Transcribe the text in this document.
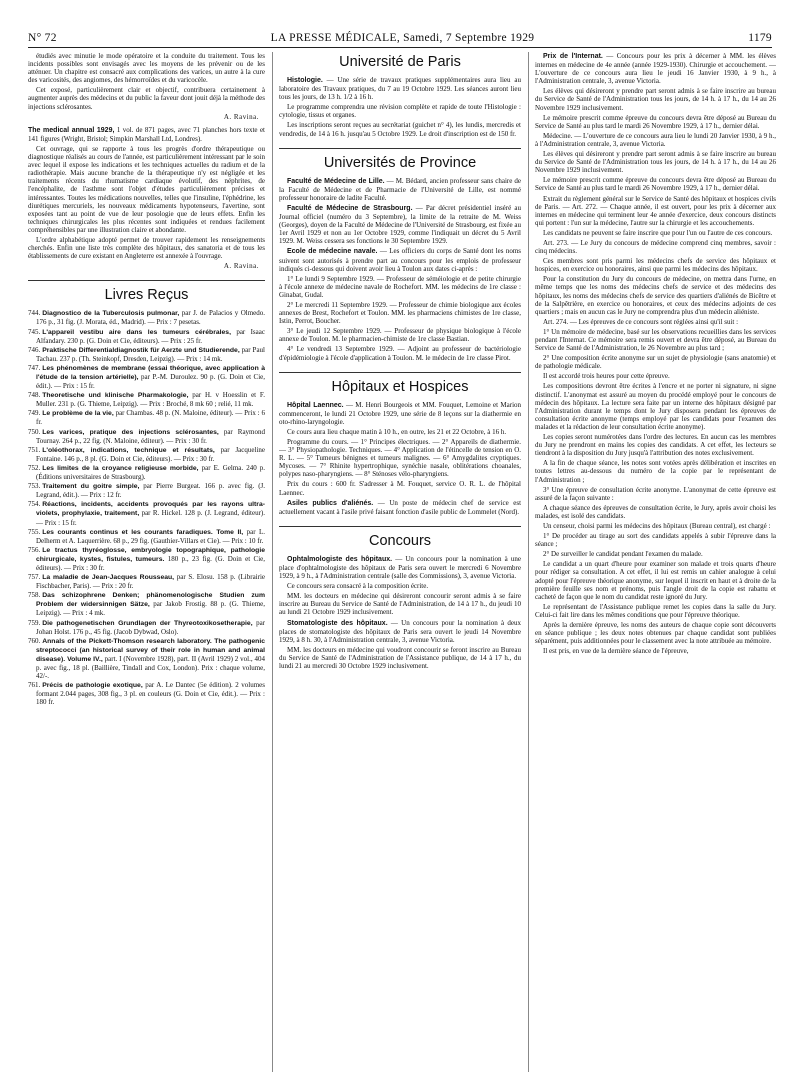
N° 72	LA PRESSE MÉDICALE, Samedi, 7 Septembre 1929	1179

étudiés avec minutie le mode opératoire et la conduite du traitement. Tous les incidents possibles sont envisagés avec les moyens de les prévenir ou de les atténuer. Un chapitre est consacré aux complications des varices, un autre à la cure des varicosités, des angiomes, des hémorroïdes et du varicocèle.

Cet exposé, particulièrement clair et objectif, contribuera certainement à augmenter auprès des médecins et du public la faveur dont jouit déjà la méthode des injections sclérosantes.

A. Ravina.

The medical annual 1929, 1 vol. de 871 pages, avec 71 planches hors texte et 141 figures (Wright, Bristol; Simpkin Marshall Ltd, Londres).

Cet ouvrage, qui se rapporte à tous les progrès d'ordre thérapeutique ou diagnostique réalisés au cours de l'année, est particulièrement intéressant par le soin avec lequel il expose les indications et les techniques actuelles du radium et de la radiothérapie. Mais aucune branche de la thérapeutique n'y est négligée et les traitements récents du rhumatisme cardiaque évolutif, des néphrites, de l'encéphalite, de l'asthme sont l'objet d'études particulièrement précises et intéressantes. Toutes les médications nouvelles, telles que l'insuline, l'éphédrine, les diurétiques mercuriels, les nouveaux médicaments hypotenseurs, l'avertine, sont exposées tant au point de vue de leur posologie que de leurs effets. Enfin les techniques chirurgicales les plus récentes sont indiquées et rendues facilement compréhensibles par une illustration claire et abondante.

L'ordre alphabétique adopté permet de trouver rapidement les renseignements cherchés. Enfin une liste très complète des hôpitaux, des sanatoria et de tous les établissements de cure existant en Angleterre est annexée à l'ouvrage.

A. Ravina.
Livres Reçus

744. Diagnostico de la Tuberculosis pulmonar, par J. de Palacios y Olmedo. 176 p., 31 fig. (J. Morata, éd., Madrid). — Prix : 7 pesetas.

745. L'appareil vestibu aire dans les tumeurs cérébrales, par Isaac Alfandary. 230 p. (G. Doin et Cie, éditeurs). — Prix : 25 fr.

746. Praktische Differentialdiagnostik für Aerzte und Studierende, par Paul Tachau. 237 p. (Th. Steinkopf, Dresden, Leipzig). — Prix : 14 mk.

747. Les phénomènes de membrane (essai théorique, avec application à l'étude de la tension artérielle), par P.-M. Duroulez. 90 p. (G. Doin et Cie, édit.). — Prix : 15 fr.

748. Theoretische und klinische Pharmakologie, par H. v Hoesslin et F. Muller. 231 p. (G. Thieme, Leipzig). — Prix : Broché, 8 mk 60 ; relié, 11 mk.

749. Le problème de la vie, par Chambas. 48 p. (N. Maloine, éditeur). — Prix : 6 fr.

750. Les varices, pratique des injections sclérosantes, par Raymond Tournay. 264 p., 22 fig. (N. Maloine, éditeur). — Prix : 30 fr.

751. L'oléothorax, indications, technique et résultats, par Jacqueline Fontaine. 146 p., 8 pl. (G. Doin et Cie, éditeurs). — Prix : 30 fr.

752. Les limites de la croyance religieuse morbide, par E. Gelma. 240 p. (Éditions universitaires de Strasbourg).

753. Traitement du goitre simple, par Pierre Burgeat. 166 p. avec fig. (J. Legrand, édit.). — Prix : 12 fr.

754. Réactions, incidents, accidents provoqués par les rayons ultra-violets, prophylaxie, traitement, par R. Hickel. 128 p. (J. Legrand, éditeur). — Prix : 15 fr.

755. Les courants continus et les courants faradiques. Tome II, par L. Delherm et A. Laquerrière. 68 p., 29 fig. (Gauthier-Villars et Cie). — Prix : 10 fr.

756. Le tractus thyréoglosse, embryologie topographique, pathologie chirurgicale, kystes, fistules, tumeurs. 180 p., 23 fig. (G. Doin et Cie, éditeurs). — Prix : 30 fr.

757. La maladie de Jean-Jacques Rousseau, par S. Elosu. 158 p. (Librairie Fischbacher, Paris). — Prix : 20 fr.

758. Das schizophrene Denken; phänomenologische Studien zum Problem der widersinnigen Sätze, par Jakob Frostig. 88 p. (G. Thieme, Leipzig). — Prix : 4 mk.

759. Die pathogenetischen Grundlagen der Thyreotoxikosetherapie, par Johan Holst. 176 p., 45 fig. (Jacob Dybwad, Oslo).

760. Annals of the Pickett-Thomson research laboratory. The pathogenic streptococci (an historical survey of their role in human and animal disease). Volume IV., part. I (Novembre 1928), part. II (Avril 1929) 2 vol., 404 p. avec fig., 18 pl. (Baillière, Tindall and Cox, London). Prix : chaque volume, 42/-.

761. Précis de pathologie exotique, par A. Le Dantec (5e édition). 2 volumes formant 2.044 pages, 308 fig., 3 pl. en couleurs (G. Doin et Cie, édit.). — Prix : 180 fr.

Université de Paris

Histologie. — Une série de travaux pratiques supplémentaires aura lieu au laboratoire des Travaux pratiques, du 7 au 19 Octobre 1929. Les séances auront lieu tous les jours, de 13 h. 1/2 à 16 h.

Le programme comprendra une révision complète et rapide de toute l'Histologie : cytologie, tissus et organes.

Les inscriptions seront reçues au secrétariat (guichet n° 4), les lundis, mercredis et vendredis, de 14 à 16 h. jusqu'au 5 Octobre 1929. Le droit d'inscription est de 150 fr.

Universités de Province

Faculté de Médecine de Lille. — M. Bédard, ancien professeur sans chaire de la Faculté de Médecine et de Pharmacie de l'Université de Lille, est nommé professeur honoraire de ladite Faculté.

Faculté de Médecine de Strasbourg. — Par décret présidentiel inséré au Journal officiel (numéro du 3 Septembre), la limite de la retraite de M. Weiss (Georges), doyen de la Faculté de Médecine de l'Université de Strasbourg, est fixée au 1er Avril 1929 et non au 1er Octobre 1929, comme l'indiquait un décret du 5 Avril 1929. M. Weiss cessera ses fonctions le 30 Septembre 1929.

Ecole de médecine navale. — Les officiers du corps de Santé dont les noms suivent sont autorisés à prendre part au concours pour les emplois de professeur indiqués ci-dessous qui doivent avoir lieu à Toulon aux dates ci-après :

1° Le lundi 9 Septembre 1929. — Professeur de séméiologie et de petite chirurgie à l'école annexe de médecine navale de Rochefort. MM. les médecins de 1re classe : Ginabat, Gudal.

2° Le mercredi 11 Septembre 1929. — Professeur de chimie biologique aux écoles annexes de Brest, Rochefort et Toulon. MM. les pharmaciens chimistes de 1re classe, Istin, Perrot, Boucher.

3° Le jeudi 12 Septembre 1929. — Professeur de physique biologique à l'école annexe de Toulon. M. le pharmacien-chimiste de 1re classe Bastian.

4° Le vendredi 13 Septembre 1929. — Adjoint au professeur de bactériologie d'épidémiologie à l'école d'application à Toulon. M. le médecin de 1re classe Pirot.

Hôpitaux et Hospices

Hôpital Laennec. — M. Henri Bourgeois et MM. Fouquet, Lemoine et Marion commenceront, le lundi 21 Octobre 1929, une série de 8 leçons sur la diathermie en oto-rhino-laryngologie.

Ce cours aura lieu chaque matin à 10 h., en outre, les 21 et 22 Octobre, à 16 h.

Programme du cours. — 1° Principes électriques. — 2° Appareils de diathermie. — 3° Physiopathologie. Techniques. — 4° Application de l'étincelle de tension en O. R. L. — 5° Tumeurs bénignes et tumeurs malignes. — 6° Amygdalites cryptiques. Mycoses. — 7° Rhinite hypertrophique, synéchie nasale, oblitérations choanales, polypes naso-pharyngiens. — 8° Sténoses vélo-pharyngiens.

Prix du cours : 600 fr. S'adresser à M. Fouquet, service O. R. L. de l'hôpital Laennec.

Asiles publics d'aliénés. — Un poste de médecin chef de service est actuellement vacant à l'asile privé faisant fonction d'asile public de Lommelet (Nord).

Concours

Ophtalmologiste des hôpitaux. — Un concours pour la nomination à une place d'ophtalmologiste des hôpitaux de Paris sera ouvert le mercredi 6 Novembre 1929, à 9 h., à l'Administration centrale (salle des Commissions), 3, avenue Victoria.

Ce concours sera consacré à la composition écrite.

MM. les docteurs en médecine qui désireront concourir seront admis à se faire inscrire au Bureau du Service de Santé de l'Administration, de 14 à 17 h., du jeudi 10 au lundi 21 Octobre 1929 inclusivement.

Stomatologiste des hôpitaux. — Un concours pour la nomination à deux places de stomatologiste des hôpitaux de Paris sera ouvert le jeudi 14 Novembre 1929, à 8 h. 30, à l'Administration centrale, 3, avenue Victoria.

MM. les docteurs en médecine qui voudront concourir se feront inscrire au Bureau du Service de Santé de l'Administration de l'Assistance publique, de 14 à 17 h., du lundi 21 au mercredi 30 Octobre 1929 inclusivement.

Prix de l'Internat. — Concours pour les prix à décerner à MM. les élèves internes en médecine de 4e année (année 1929-1930). Chirurgie et accouchement. — L'ouverture de ce concours aura lieu le jeudi 16 Janvier 1930, à 9 h., à l'Administration centrale, 3, avenue Victoria.

Les élèves qui désireront y prendre part seront admis à se faire inscrire au bureau du Service de Santé de l'Administration tous les jours, de 14 h. à 17 h., du 14 au 26 Novembre 1929 inclusivement.

Le mémoire prescrit comme épreuve du concours devra être déposé au Bureau du Service de Santé au plus tard le mardi 26 Novembre 1929, à 17 h., dernier délai.

Médecine. — L'ouverture de ce concours aura lieu le lundi 20 Janvier 1930, à 9 h., à l'Administration centrale, 3, avenue Victoria.

Les élèves qui désireront y prendre part seront admis à se faire inscrire au bureau du Service de Santé de l'Administration tous les jours, de 14 h. à 17 h., du 14 au 26 Novembre 1929 inclusivement.

Le mémoire prescrit comme épreuve du concours devra être déposé au Bureau du Service de Santé au plus tard le mardi 26 Novembre 1929, à 17 h., dernier délai.

Extrait du règlement général sur le Service de Santé des hôpitaux et hospices civils de Paris. — Art. 272. — Chaque année, il est ouvert, pour les prix à décerner aux internes en médecine qui terminent leur 4e année d'exercice, deux concours distincts qui portent : l'un sur la médecine, l'autre sur la chirurgie et les accouchements.

Les candidats ne peuvent se faire inscrire que pour l'un ou l'autre de ces concours.

Art. 273. — Le Jury du concours de médecine comprend cinq membres, savoir : cinq médecins.

Ces membres sont pris parmi les médecins chefs de service des hôpitaux et hospices, en exercice ou honoraires, ainsi que parmi les médecins des hôpitaux.

Pour la constitution du Jury du concours de médecine, on mettra dans l'urne, en même temps que les noms des médecins chefs de service et des médecins des hôpitaux, les noms des médecins chefs de service des quartiers d'aliénés de Bicêtre et de la Salpêtrière, en exercice ou honoraires, et ceux des médecins adjoints de ces quartiers ; mais en aucun cas le Jury ne comprendra plus d'un médecin aliéniste.

Art. 274. — Les épreuves de ce concours sont réglées ainsi qu'il suit :

1° Un mémoire de médecine, basé sur les observations recueillies dans les services pendant l'Internat. Ce mémoire sera remis ouvert et devra être déposé, au Bureau du Service de Santé de l'Administration, le 26 Novembre au plus tard ;

2° Une composition écrite anonyme sur un sujet de physiologie (sans anatomie) et de pathologie médicale.

Il est accordé trois heures pour cette épreuve.

Les compositions devront être écrites à l'encre et ne porter ni signature, ni signe distinctif. L'anonymat est assuré au moyen du procédé employé pour le concours de médecin des hôpitaux. La lecture sera faite par un interne des hôpitaux désigné par l'Administration durant le temps dont le Jury disposera pendant les épreuves de consultation écrite anonyme (temps employé par les candidats pour l'examen des malades et la rédaction de leur consultation écrite anonyme).

Les copies seront numérotées dans l'ordre des lectures. En aucun cas les membres du Jury ne prendront en mains les copies des candidats. A cet effet, les lecteurs se tiendront à la disposition du Jury jusqu'à l'attribution des notes exclusivement.

A la fin de chaque séance, les notes sont votées après délibération et inscrites en toutes lettres au-dessous du numéro de la copie par le représentant de l'Administration ;

3° Une épreuve de consultation écrite anonyme. L'anonymat de cette épreuve est assuré de la façon suivante :

A chaque séance des épreuves de consultation écrite, le Jury, après avoir choisi les malades, est isolé des candidats.

Un censeur, choisi parmi les médecins des hôpitaux (Bureau central), est chargé :

1° De procéder au tirage au sort des candidats appelés à subir l'épreuve dans la séance ;

2° De surveiller le candidat pendant l'examen du malade.

Le candidat a un quart d'heure pour examiner son malade et trois quarts d'heure pour rédiger sa consultation. A cet effet, il lui est remis un cahier analogue à celui adopté pour l'épreuve théorique anonyme, sur lequel il inscrit en haut et à droite de la première feuille ses nom et prénoms, puis l'angle droit de la copie est rabattu et cacheté de façon que le nom du candidat reste ignoré du Jury.

Le représentant de l'Assistance publique remet les copies dans la salle du Jury. Celui-ci fait lire dans les mêmes conditions que pour l'épreuve théorique.

Après la dernière épreuve, les noms des auteurs de chaque copie sont découverts en séance publique ; les deux notes obtenues par chaque candidat sont publiées séparément, puis additionnées pour le classement avec la note attribuée au mémoire.

Il est pris, en vue de la dernière séance de l'épreuve,
